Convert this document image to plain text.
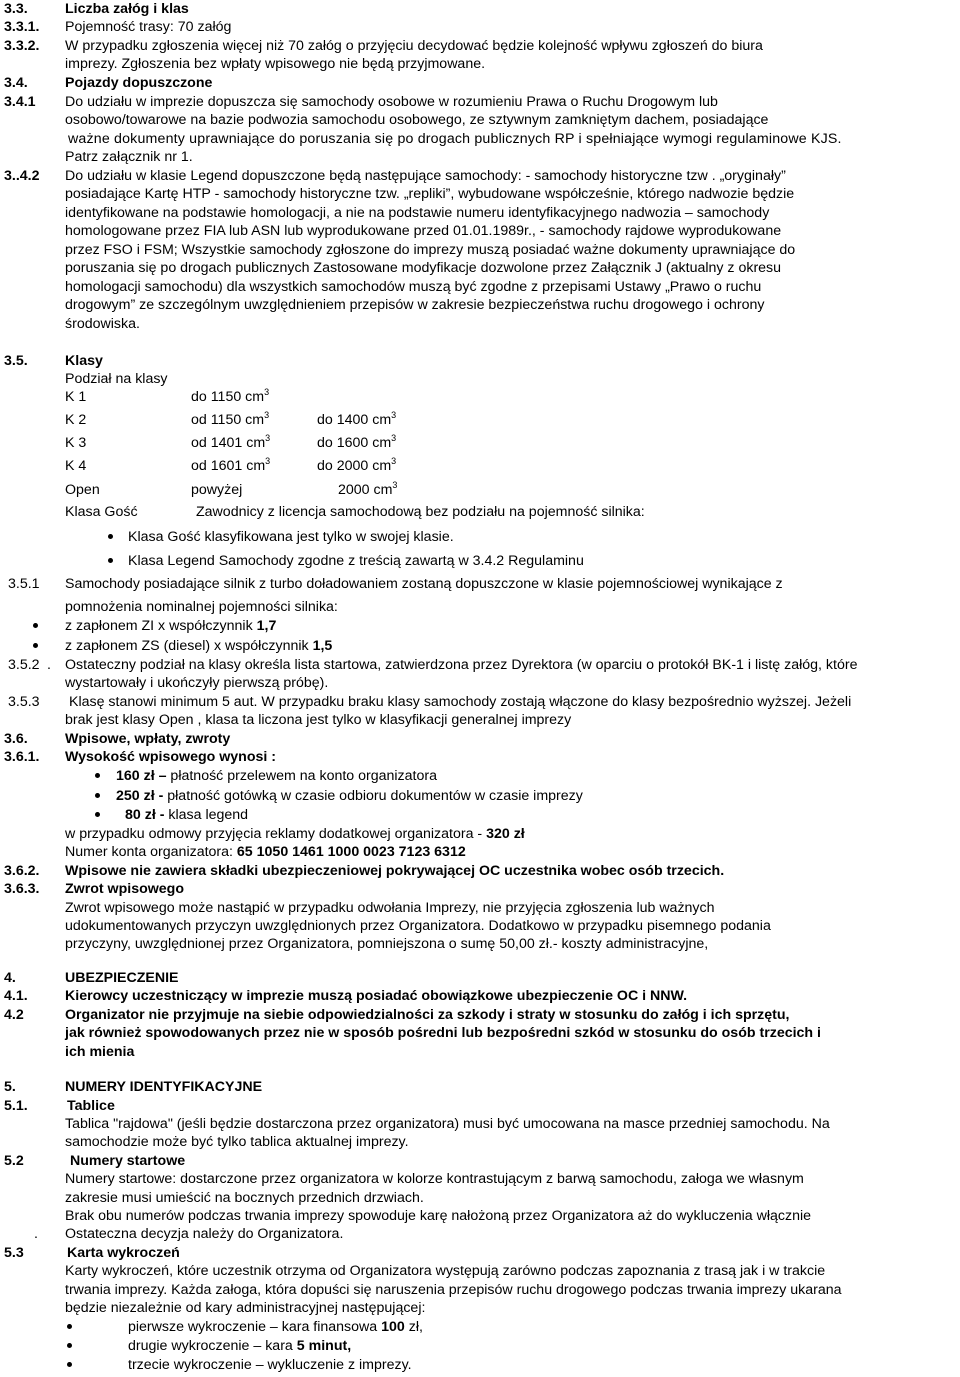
3.3.	Liczba załóg i klas
3.3.1. Pojemność trasy: 70 załóg
3.3.2. W przypadku zgłoszenia więcej niż 70 załóg o przyjęciu decydować będzie kolejność wpływu zgłoszeń do biura
imprezy. Zgłoszenia bez wpłaty wpisowego nie będą przyjmowane.
3.4.	Pojazdy dopuszczone
3.4.1 Do udziału w imprezie dopuszcza się samochody osobowe w rozumieniu Prawa o Ruchu Drogowym lub
osobowo/towarowe na bazie podwozia samochodu osobowego, ze sztywnym zamkniętym dachem, posiadające
ważne dokumenty uprawniające do poruszania się po drogach publicznych RP i spełniające wymogi regulaminowe KJS.
Patrz załącznik nr 1.
3..4.2 Do udziału w klasie Legend dopuszczone będą następujące samochody: - samochody historyczne tzw . „oryginały”
posiadające Kartę HTP - samochody historyczne tzw. „repliki”, wybudowane współcześnie, którego nadwozie będzie
identyfikowane na podstawie homologacji, a nie na podstawie numeru identyfikacyjnego nadwozia – samochody
homologowane przez FIA lub ASN lub wyprodukowane przed 01.01.1989r., - samochody rajdowe wyprodukowane
przez FSO i FSM; Wszystkie samochody zgłoszone do imprezy muszą posiadać ważne dokumenty uprawniające do
poruszania się po drogach publicznych Zastosowane modyfikacje dozwolone przez Załącznik J (aktualny z okresu
homologacji samochodu) dla wszystkich samochodów muszą być zgodne z przepisami Ustawy „Prawo o ruchu
drogowym” ze szczególnym uwzględnieniem przepisów w zakresie bezpieczeństwa ruchu drogowego i ochrony
środowiska.
3.5.	Klasy
Podział na klasy
K 1	do 1150 $cm^3$
K 2	od 1150 $cm^3$	do 1400 $cm^3$
K 3	od 1401 $cm^3$	do 1600 $cm^3$
K 4	od 1601 $cm^3$	do 2000 $cm^3$
Open	powyżej	2000 $cm^3$
Klasa Gość	Zawodnicy z licencja samochodową bez podziału na pojemność silnika:
Klasa Gość klasyfikowana jest tylko w swojej klasie.
Klasa Legend Samochody zgodne z treścią zawartą w 3.4.2 Regulaminu
3.5.1 Samochody posiadające silnik z turbo doładowaniem zostaną dopuszczone w klasie pojemnościowej wynikające z
pomnożenia nominalnej pojemności silnika:
z zapłonem ZI x współczynnik 1,7
z zapłonem ZS (diesel) x współczynnik 1,5
3.5.2 . Ostateczny podział na klasy określa lista startowa, zatwierdzona przez Dyrektora (w oparciu o protokół BK-1 i listę załóg, które
wystartowały i ukończyły pierwszą próbę).
3.5.3 Klasę stanowi minimum 5 aut. W przypadku braku klasy samochody zostają włączone do klasy bezpośrednio wyższej. Jeżeli
brak jest klasy Open , klasa ta liczona jest tylko w klasyfikacji generalnej imprezy
3.6.	Wpisowe, wpłaty, zwroty
3.6.1. Wysokość wpisowego wynosi :
160 zł – płatność przelewem na konto organizatora
250 zł - płatność gotówką w czasie odbioru dokumentów w czasie imprezy
80 zł - klasa legend
w przypadku odmowy przyjęcia reklamy dodatkowej organizatora - 320 zł
Numer konta organizatora: 65 1050 1461 1000 0023 7123 6312
3.6.2. Wpisowe nie zawiera składki ubezpieczeniowej pokrywającej OC uczestnika wobec osób trzecich.
3.6.3. Zwrot wpisowego
Zwrot wpisowego może nastąpić w przypadku odwołania Imprezy, nie przyjęcia zgłoszenia lub ważnych
udokumentowanych przyczyn uwzględnionych przez Organizatora. Dodatkowo w przypadku pisemnego podania
przyczyny, uwzględnionej przez Organizatora, pomniejszona o sumę 50,00 zł.- koszty administracyjne,
4.	UBEZPIECZENIE
4.1.	Kierowcy uczestniczący w imprezie muszą posiadać obowiązkowe ubezpieczenie OC i NNW.
4.2	Organizator nie przyjmuje na siebie odpowiedzialności za szkody i straty w stosunku do załóg i ich sprzętu,
jak również spowodowanych przez nie w sposób pośredni lub bezpośredni szkód w stosunku do osób trzecich i
ich mienia
5.	NUMERY IDENTYFIKACYJNE
5.1.	Tablice
Tablica "rajdowa" (jeśli będzie dostarczona przez organizatora) musi być umocowana na masce przedniej samochodu. Na
samochodzie może być tylko tablica aktualnej imprezy.
5.2	Numery startowe
Numery startowe: dostarczone przez organizatora w kolorze kontrastującym z barwą samochodu, załoga we własnym
zakresie musi umieścić na bocznych przednich drzwiach.
Brak obu numerów podczas trwania imprezy spowoduje karę nałożoną przez Organizatora aż do wykluczenia włącznie
. Ostateczna decyzja należy do Organizatora.
5.3	Karta wykroczeń
Karty wykroczeń, które uczestnik otrzyma od Organizatora występują zarówno podczas zapoznania z trasą jak i w trakcie
trwania imprezy. Każda załoga, która dopuści się naruszenia przepisów ruchu drogowego podczas trwania imprezy ukarana
będzie niezależnie od kary administracyjnej następującej:
pierwsze wykroczenie – kara finansowa 100 zł,
drugie wykroczenie – kara 5 minut,
trzecie wykroczenie – wykluczenie z imprezy.
